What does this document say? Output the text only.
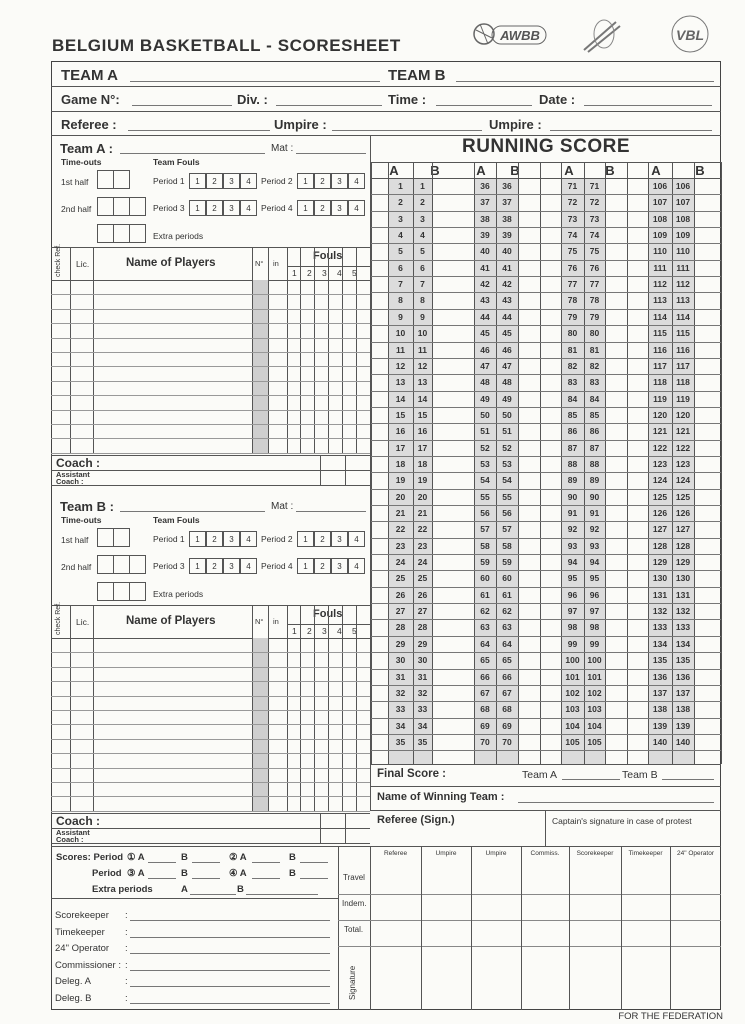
BELGIUM BASKETBALL - SCORESHEET
AWBB	VBL
TEAM A	TEAM B
Game N°:	Div. :	Time :	Date :
Referee :	Umpire :	Umpire :
RUNNING SCORE
Final Score :	Team A	Team B
Name of Winning Team :
Referee (Sign.)	Captain's signature in case of protest
FOR THE FEDERATION
Team A :	Mat :
Time-outs	Team Fouls
1st half
2nd half
Extra periods
Period 1	1	2	3	4	Period 2	1	2	3	4
Period 3	1	2	3	4	Period 4	1	2	3	4
check Ref. Lic.	Name of Players	N° in
Fouls
1 2 3 4 5
Coach :
Assistant Coach :
Team B :	Mat :
Time-outs	Team Fouls
1st half
2nd half
Extra periods
Period 1	1	2	3	4	Period 2	1	2	3	4
Period 3	1	2	3	4	Period 4	1	2	3	4
check Ref. Lic.	Name of Players	N° in
Fouls
1 2 3 4 5
Coach :
Assistant Coach :
A B	A B	A B	A	B
1	1	36	36	71	71	106	106
2	2	37	37	72	72	107	107
3	3	38	38	73	73	108	108
4	4	39	39	74	74	109	109
5	5	40	40	75	75	110	110
6	6	41	41	76	76	111	111
7	7	42	42	77	77	112	112
8	8	43	43	78	78	113	113
9	9	44	44	79	79	114	114
10	10	45	45	80	80	115	115
11	11	46	46	81	81	116	116
12	12	47	47	82	82	117	117
13	13	48	48	83	83	118	118
14	14	49	49	84	84	119	119
15	15	50	50	85	85	120	120
16	16	51	51	86	86	121	121
17	17	52	52	87	87	122	122
18	18	53	53	88	88	123	123
19	19	54	54	89	89	124	124
20	20	55	55	90	90	125	125
21	21	56	56	91	91	126	126
22	22	57	57	92	92	127	127
23	23	58	58	93	93	128	128
24	24	59	59	94	94	129	129
25	25	60	60	95	95	130	130
26	26	61	61	96	96	131	131
27	27	62	62	97	97	132	132
28	28	63	63	98	98	133	133
29	29	64	64	99	99	134	134
30	30	65	65	100 100	135	135
31	31	66	66	101 101	136	136
32	32	67	67	102 102	137	137
33	33	68	68	103 103	138	138
34	34	69	69	104 104	139	139
35	35	70	70	105 105	140	140
Scores: Period ① A	B	② A	B
Period ③ A	B	④ A	B
Extra periods	A	B
Scorekeeper :
Timekeeper :
24" Operator :
Commissioner : :
Deleg. A	:
Deleg. B	:
Travel
Indem.
Total.
Signature
Referee	Umpire	Umpire	Commiss.	Scorekeeper	Timekeeper	24" Operator
